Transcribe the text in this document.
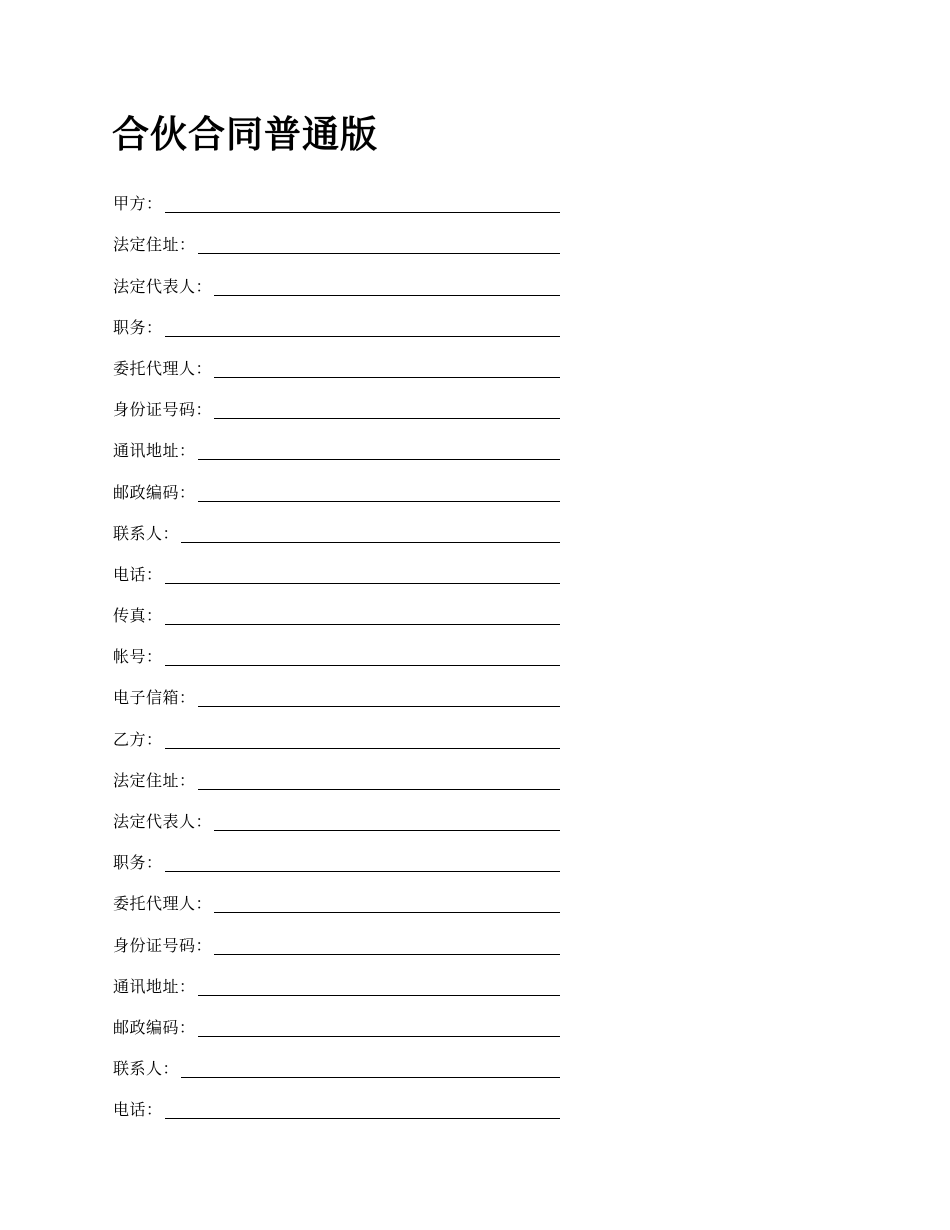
合伙合同普通版
甲方：
法定住址：
法定代表人：
职务：
委托代理人：
身份证号码：
通讯地址：
邮政编码：
联系人：
电话：
传真：
帐号：
电子信箱：
乙方：
法定住址：
法定代表人：
职务：
委托代理人：
身份证号码：
通讯地址：
邮政编码：
联系人：
电话：
